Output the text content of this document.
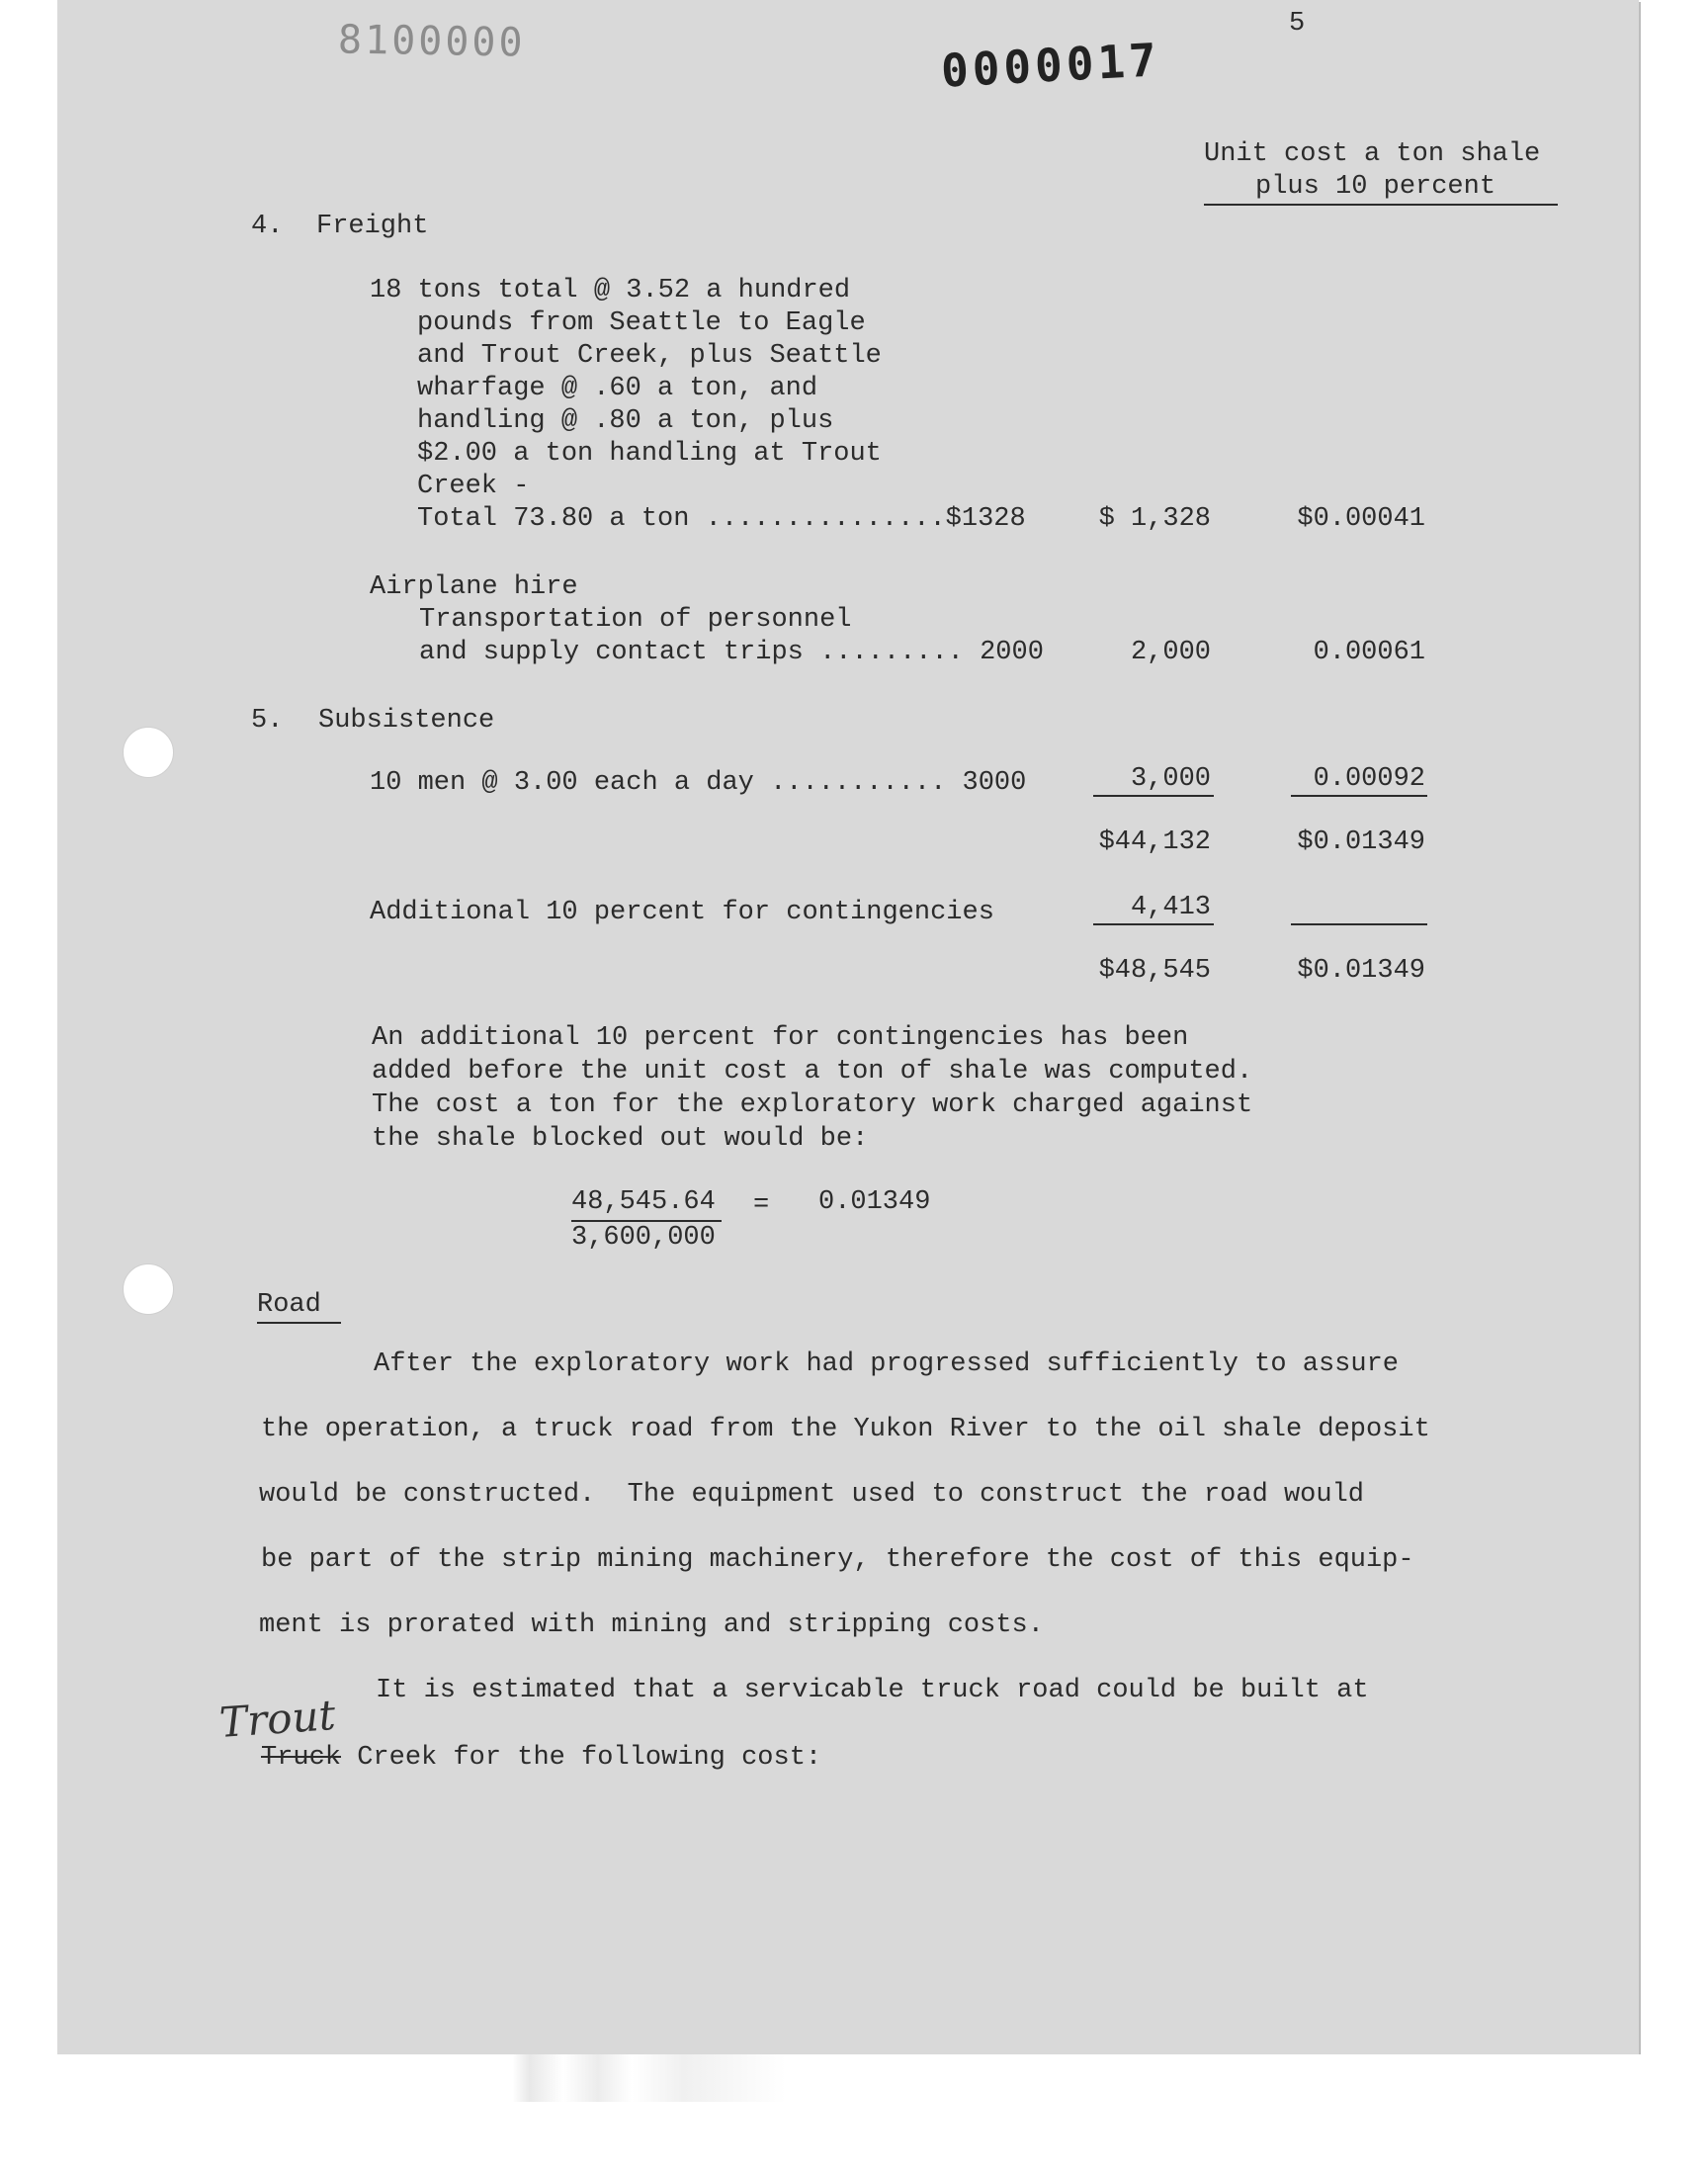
8100000	0000017
5
Unit cost a ton shale
plus 10 percent
4. Freight
18 tons total @ 3.52 a hundred
pounds from Seattle to Eagle
and Trout Creek, plus Seattle
wharfage @ .60 a ton, and
handling @ .80 a ton, plus
$2.00 a ton handling at Trout
Creek -
Total 73.80 a ton ...............$1328	$ 1,328	$0.00041
Airplane hire
Transportation of personnel
and supply contact trips ......... 2000	2,000	0.00061
5. Subsistence
10 men @ 3.00 each a day ........... 3000	3,000	0.00092
$44,132	$0.01349
Additional 10 percent for contingencies	4,413
$48,545	$0.01349
An additional 10 percent for contingencies has been
added before the unit cost a ton of shale was computed.
The cost a ton for the exploratory work charged against
the shale blocked out would be:
48,545.64
3,600,000
= 0.01349
Road
After the exploratory work had progressed sufficiently to assure
the operation, a truck road from the Yukon River to the oil shale deposit
would be constructed.  The equipment used to construct the road would
be part of the strip mining machinery, therefore the cost of this equip-
ment is prorated with mining and stripping costs.
It is estimated that a servicable truck road could be built at
Trout
Truck Creek for the following cost:
